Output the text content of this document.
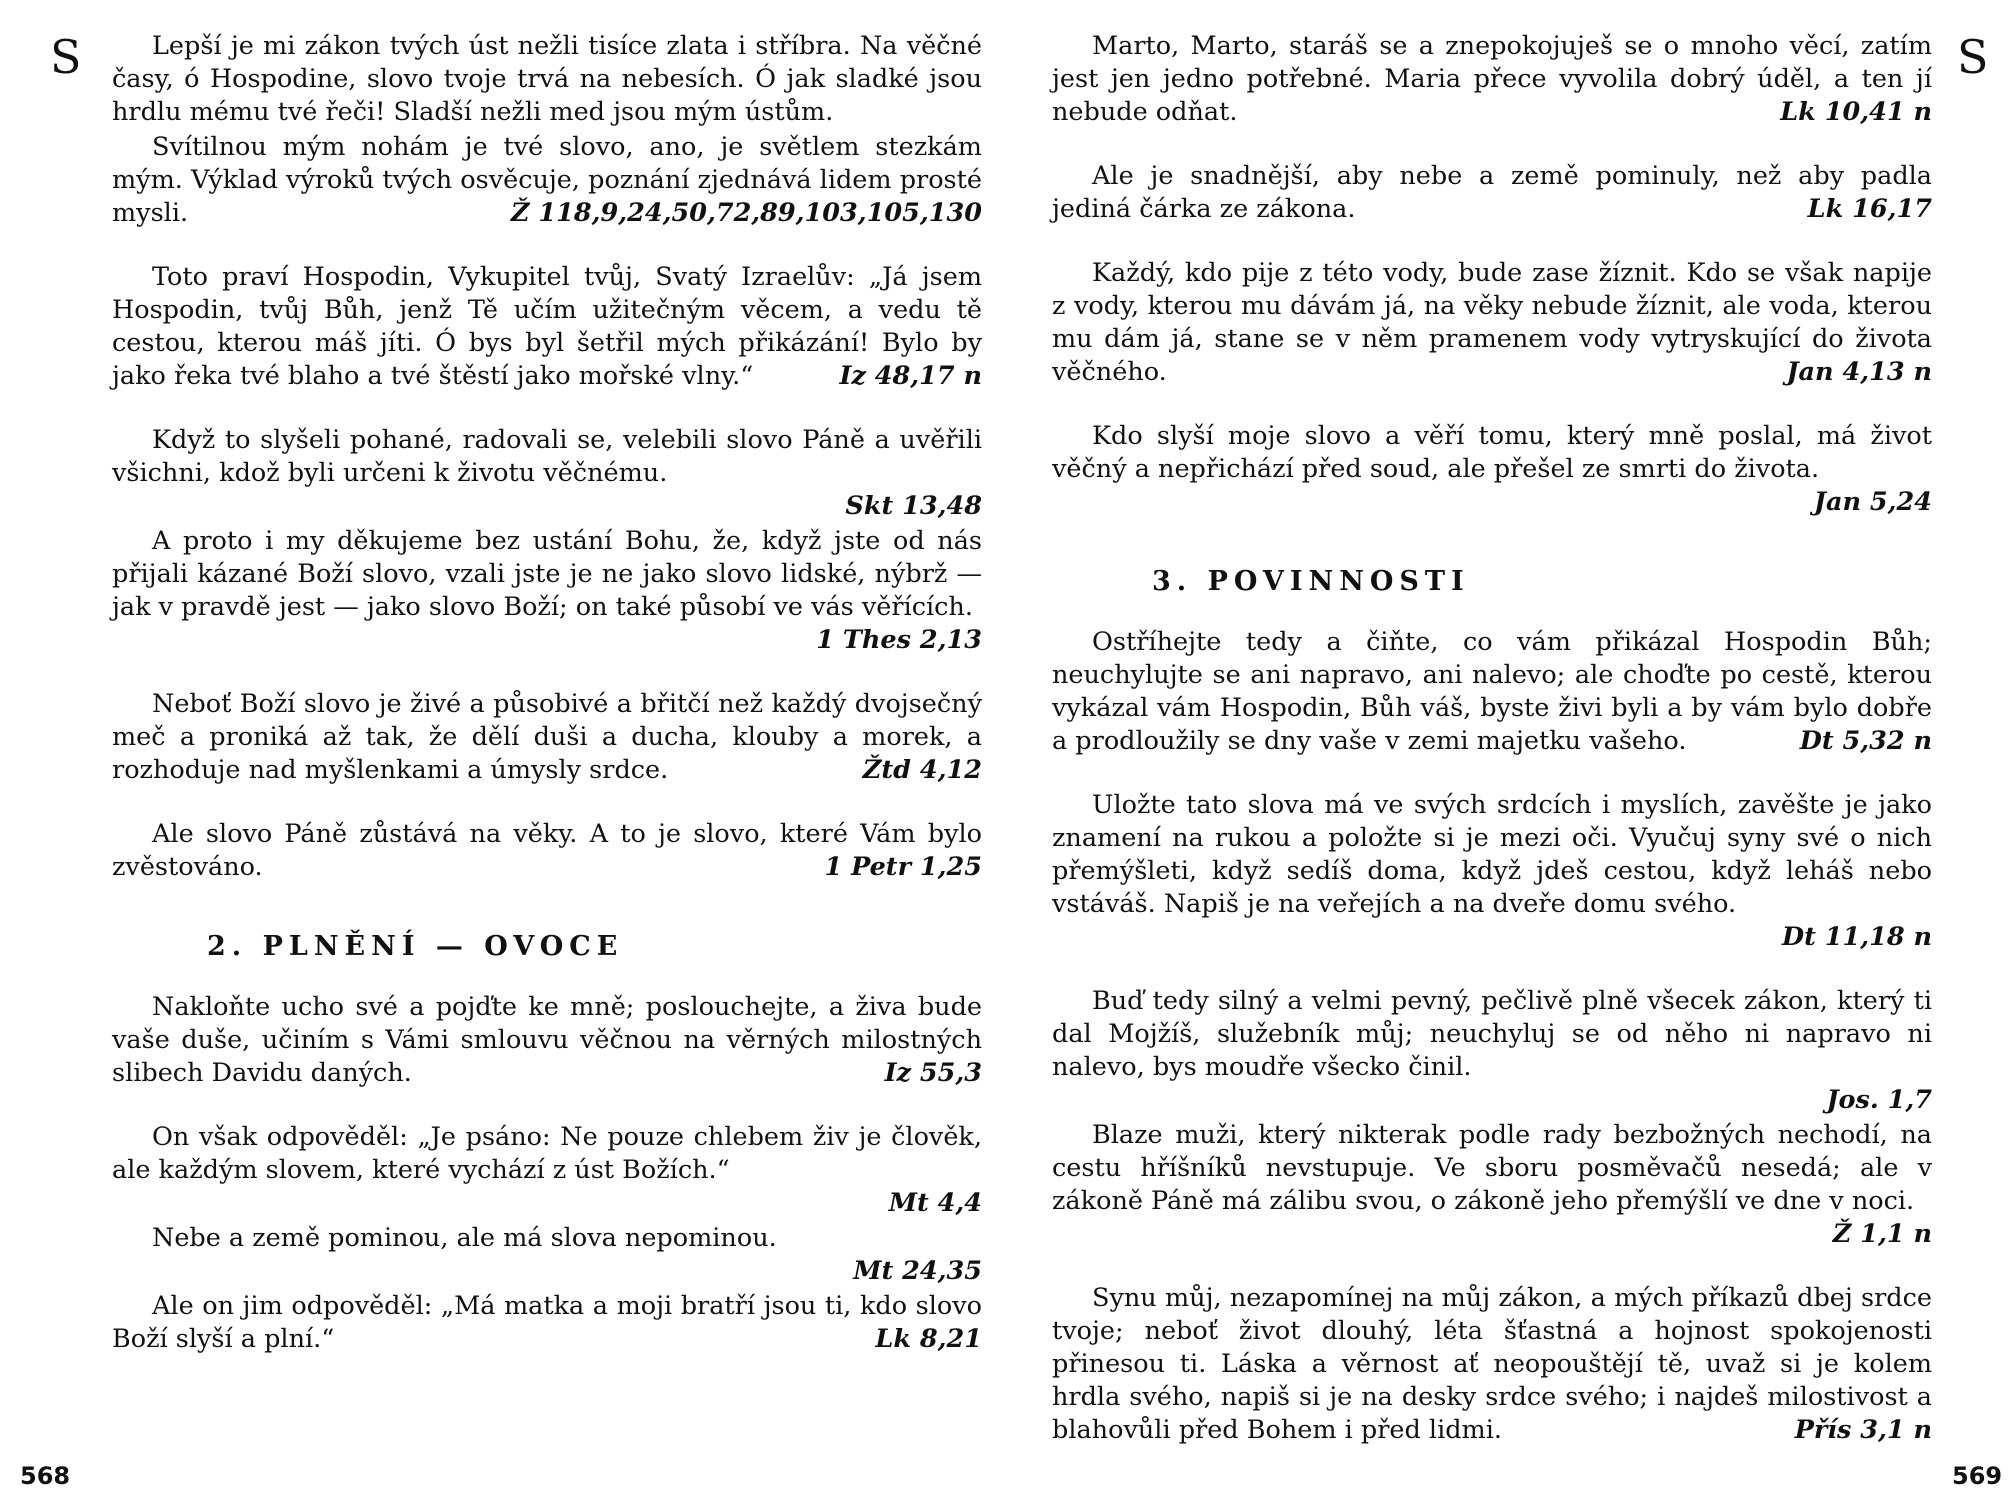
S	Lepší je mi zákon tvých úst nežli tisíce zlata i stříbra. Na věčné časy, ó Hospodine, slovo tvoje trvá na nebesích. Ó jak sladké jsou hrdlu mému tvé řeči! Sladší nežli med jsou mým ústům.
Svítilnou mým nohám je tvé slovo, ano, je světlem stezkám mým. Výklad výroků tvých osvěcuje, poznání zjednává lidem prosté mysli.	Ž 118,9,24,50,72,89,103,105,130
Toto praví Hospodin, Vykupitel tvůj, Svatý Izraelův: „Já jsem Hospodin, tvůj Bůh, jenž Tě učím užitečným věcem, a vedu tě cestou, kterou máš jíti. Ó bys byl šetřil mých přikázání! Bylo by jako řeka tvé blaho a tvé štěstí jako mořské vlny.“	Iz 48,17 n
Když to slyšeli pohané, radovali se, velebili slovo Páně a uvěřili všichni, kdož byli určeni k životu věčnému.
Skt 13,48
A proto i my děkujeme bez ustání Bohu, že, když jste od nás přijali kázané Boží slovo, vzali jste je ne jako slovo lidské, nýbrž — jak v pravdě jest — jako slovo Boží; on také působí ve vás věřících.
1 Thes 2,13
Neboť Boží slovo je živé a působivé a břitčí než každý dvojsečný meč a proniká až tak, že dělí duši a ducha, klouby a morek, a rozhoduje nad myšlenkami a úmysly srdce.	Žtd 4,12
Ale slovo Páně zůstává na věky. A to je slovo, které Vám bylo zvěstováno.	1 Petr 1,25
2. PLNĚNÍ — OVOCE
Nakloňte ucho své a pojďte ke mně; poslouchejte, a živa bude vaše duše, učiním s Vámi smlouvu věčnou na věrných milostných slibech Davidu daných.	Iz 55,3
On však odpověděl: „Je psáno: Ne pouze chlebem živ je člověk, ale každým slovem, které vychází z úst Božích.“
Mt 4,4
Nebe a země pominou, ale má slova nepominou.
Mt 24,35
Ale on jim odpověděl: „Má matka a moji bratří jsou ti, kdo slovo Boží slyší a plní.“	Lk 8,21
568
S
Marto, Marto, staráš se a znepokojuješ se o mnoho věcí, zatím jest jen jedno potřebné. Maria přece vyvolila dobrý úděl, a ten jí nebude odňat.	Lk 10,41 n
Ale je snadnější, aby nebe a země pominuly, než aby padla jediná čárka ze zákona.	Lk 16,17
Každý, kdo pije z této vody, bude zase žíznit. Kdo se však napije z vody, kterou mu dávám já, na věky nebude žíznit, ale voda, kterou mu dám já, stane se v něm pramenem vody vytryskující do života věčného.	Jan 4,13 n
Kdo slyší moje slovo a věří tomu, který mně poslal, má život věčný a nepřichází před soud, ale přešel ze smrti do života.
Jan 5,24
3. POVINNOSTI
Ostříhejte tedy a čiňte, co vám přikázal Hospodin Bůh; neuchylujte se ani napravo, ani nalevo; ale choďte po cestě, kterou vykázal vám Hospodin, Bůh váš, byste živi byli a by vám bylo dobře a prodloužily se dny vaše v zemi majetku vašeho.	Dt 5,32 n
Uložte tato slova má ve svých srdcích i myslích, zavěšte je jako znamení na rukou a položte si je mezi oči. Vyučuj syny své o nich přemýšleti, když sedíš doma, když jdeš cestou, když leháš nebo vstáváš. Napiš je na veřejích a na dveře domu svého.
Dt 11,18 n
Buď tedy silný a velmi pevný, pečlivě plně všecek zákon, který ti dal Mojžíš, služebník můj; neuchyluj se od něho ni napravo ni nalevo, bys moudře všecko činil.
Jos. 1,7
Blaze muži, který nikterak podle rady bezbožných nechodí, na cestu hříšníků nevstupuje. Ve sboru posměvačů nesedá; ale v zákoně Páně má zálibu svou, o zákoně jeho přemýšlí ve dne v noci.
Ž 1,1 n
Synu můj, nezapomínej na můj zákon, a mých příkazů dbej srdce tvoje; neboť život dlouhý, léta šťastná a hojnost spokojenosti přinesou ti. Láska a věrnost ať neopouštějí tě, uvaž si je kolem hrdla svého, napiš si je na desky srdce svého; i najdeš milostivost a blahovůli před Bohem i před lidmi.	Přís 3,1 n
569
